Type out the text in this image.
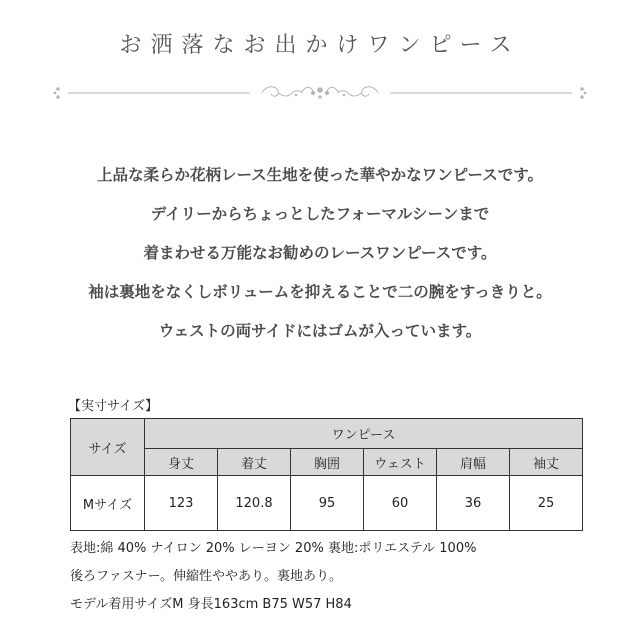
お洒落なお出かけワンピース
上品な柔らか花柄レース生地を使った華やかなワンピースです。
デイリーからちょっとしたフォーマルシーンまで
着まわせる万能なお勧めのレースワンピースです。
袖は裏地をなくしボリュームを抑えることで二の腕をすっきりと。
ウェストの両サイドにはゴムが入っています。
【実寸サイズ】
サイズ	ワンピース					
	身丈	着丈	胸囲	ウェスト	肩幅	袖丈
Mサイズ	123	120.8	95	60	36	25
表地:綿 40% ナイロン 20% レーヨン 20% 裏地:ポリエステル 100%
後ろファスナー。伸縮性ややあり。裏地あり。
モデル着用サイズM 身長163cm B75 W57 H84
